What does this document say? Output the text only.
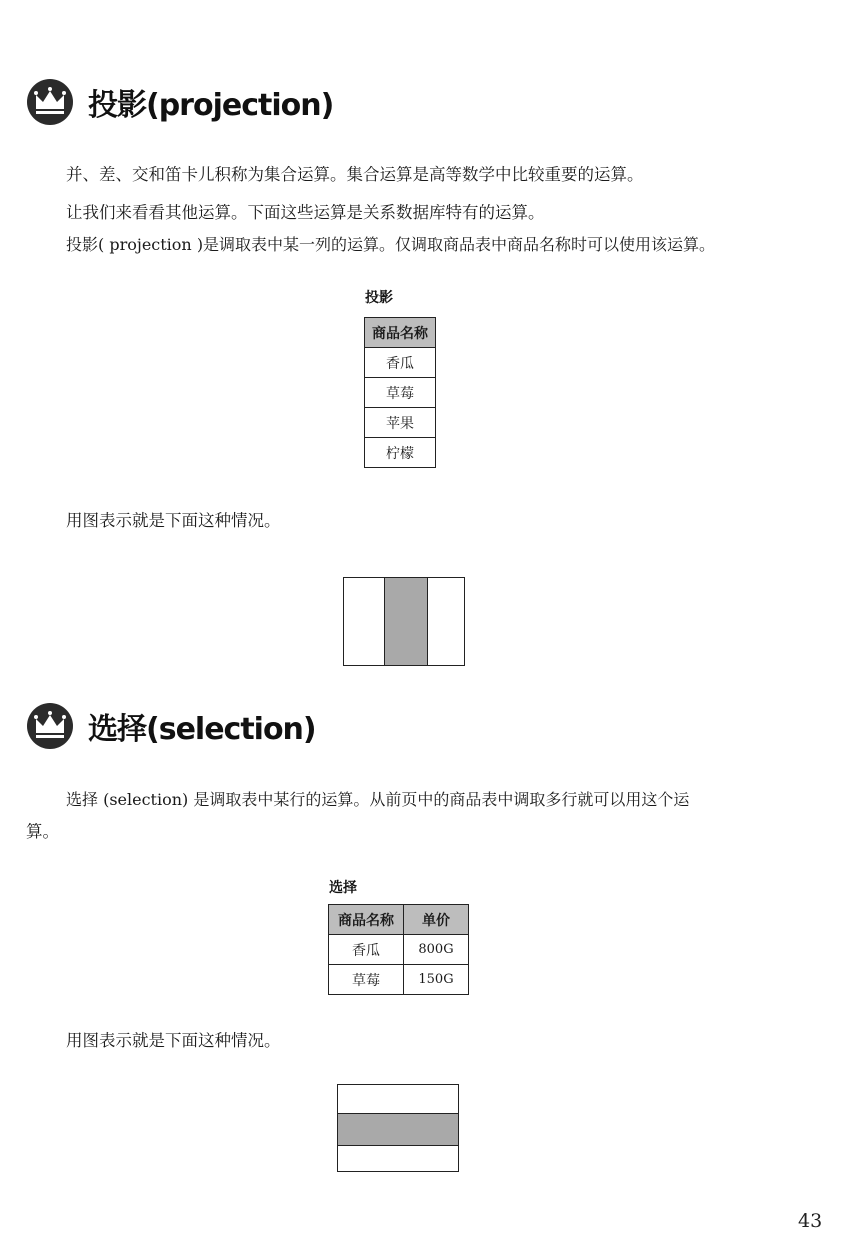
投影(projection)
并、差、交和笛卡儿积称为集合运算。集合运算是高等数学中比较重要的运算。
让我们来看看其他运算。下面这些运算是关系数据库特有的运算。
投影( projection )是调取表中某一列的运算。仅调取商品表中商品名称时可以使用该运算。
投影
商品名称
香瓜
草莓
苹果
柠檬
用图表示就是下面这种情况。
选择(selection)
选择 (selection) 是调取表中某行的运算。从前页中的商品表中调取多行就可以用这个运
算。
选择
商品名称	单价
香瓜	800G
草莓	150G
用图表示就是下面这种情况。
43
